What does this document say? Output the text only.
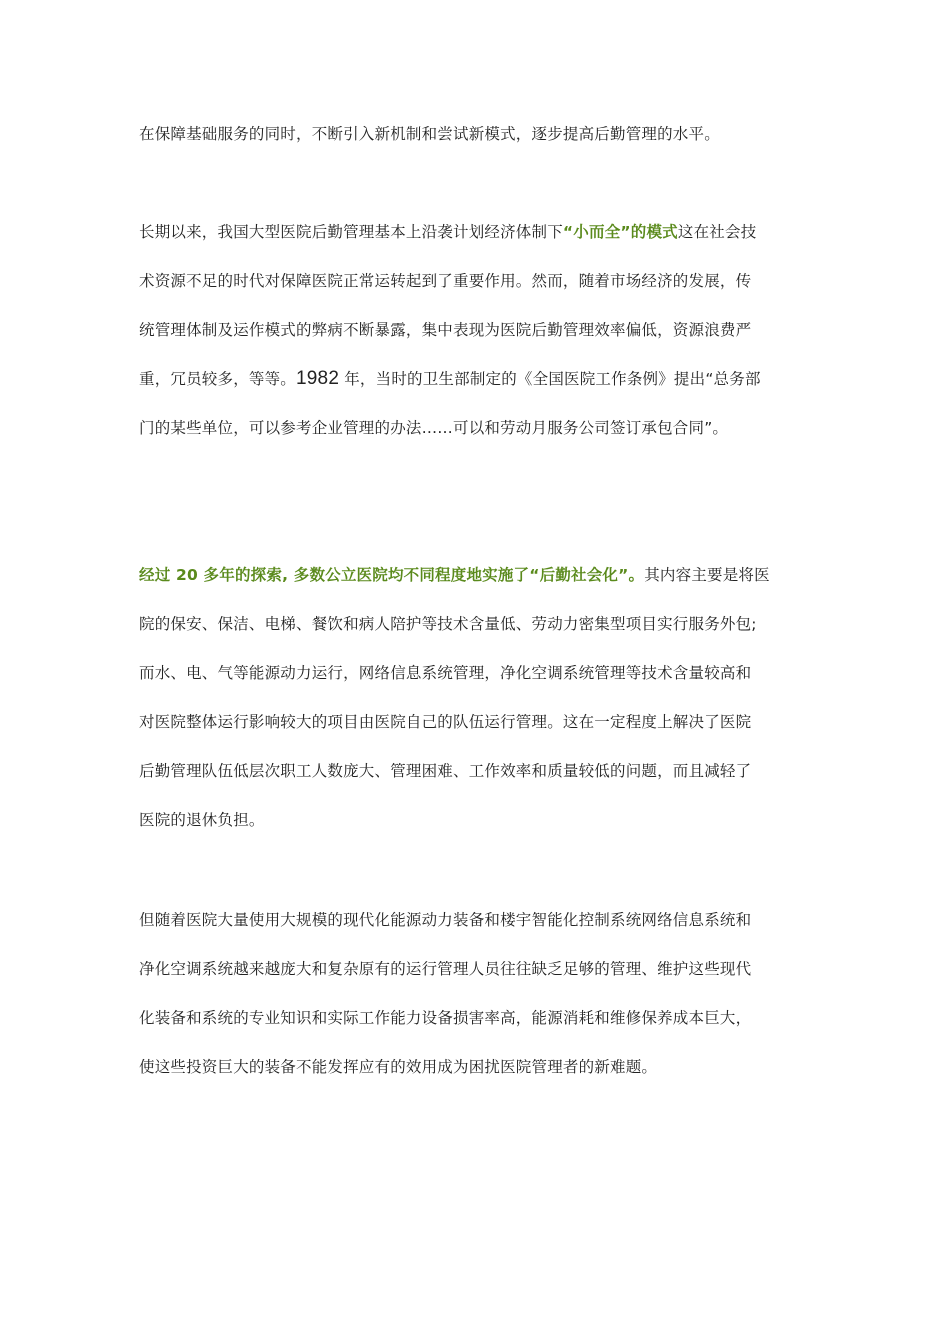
在保障基础服务的同时，不断引入新机制和尝试新模式，逐步提高后勤管理的水平。
长期以来，我国大型医院后勤管理基本上沿袭计划经济体制下“小而全”的模式这在社会技
术资源不足的时代对保障医院正常运转起到了重要作用。然而，随着市场经济的发展，传
统管理体制及运作模式的弊病不断暴露，集中表现为医院后勤管理效率偏低，资源浪费严
重，冗员较多，等等。1982 年，当时的卫生部制定的《全国医院工作条例》提出“总务部
门的某些单位，可以参考企业管理的办法……可以和劳动月服务公司签订承包合同”。
经过 20 多年的探索, 多数公立医院均不同程度地实施了“后勤社会化”。其内容主要是将医
院的保安、保洁、电梯、餐饮和病人陪护等技术含量低、劳动力密集型项目实行服务外包;
而水、电、气等能源动力运行，网络信息系统管理，净化空调系统管理等技术含量较高和
对医院整体运行影响较大的项目由医院自己的队伍运行管理。这在一定程度上解决了医院
后勤管理队伍低层次职工人数庞大、管理困难、工作效率和质量较低的问题，而且减轻了
医院的退休负担。
但随着医院大量使用大规模的现代化能源动力装备和楼宇智能化控制系统网络信息系统和
净化空调系统越来越庞大和复杂原有的运行管理人员往往缺乏足够的管理、维护这些现代
化装备和系统的专业知识和实际工作能力设备损害率高，能源消耗和维修保养成本巨大，
使这些投资巨大的装备不能发挥应有的效用成为困扰医院管理者的新难题。
